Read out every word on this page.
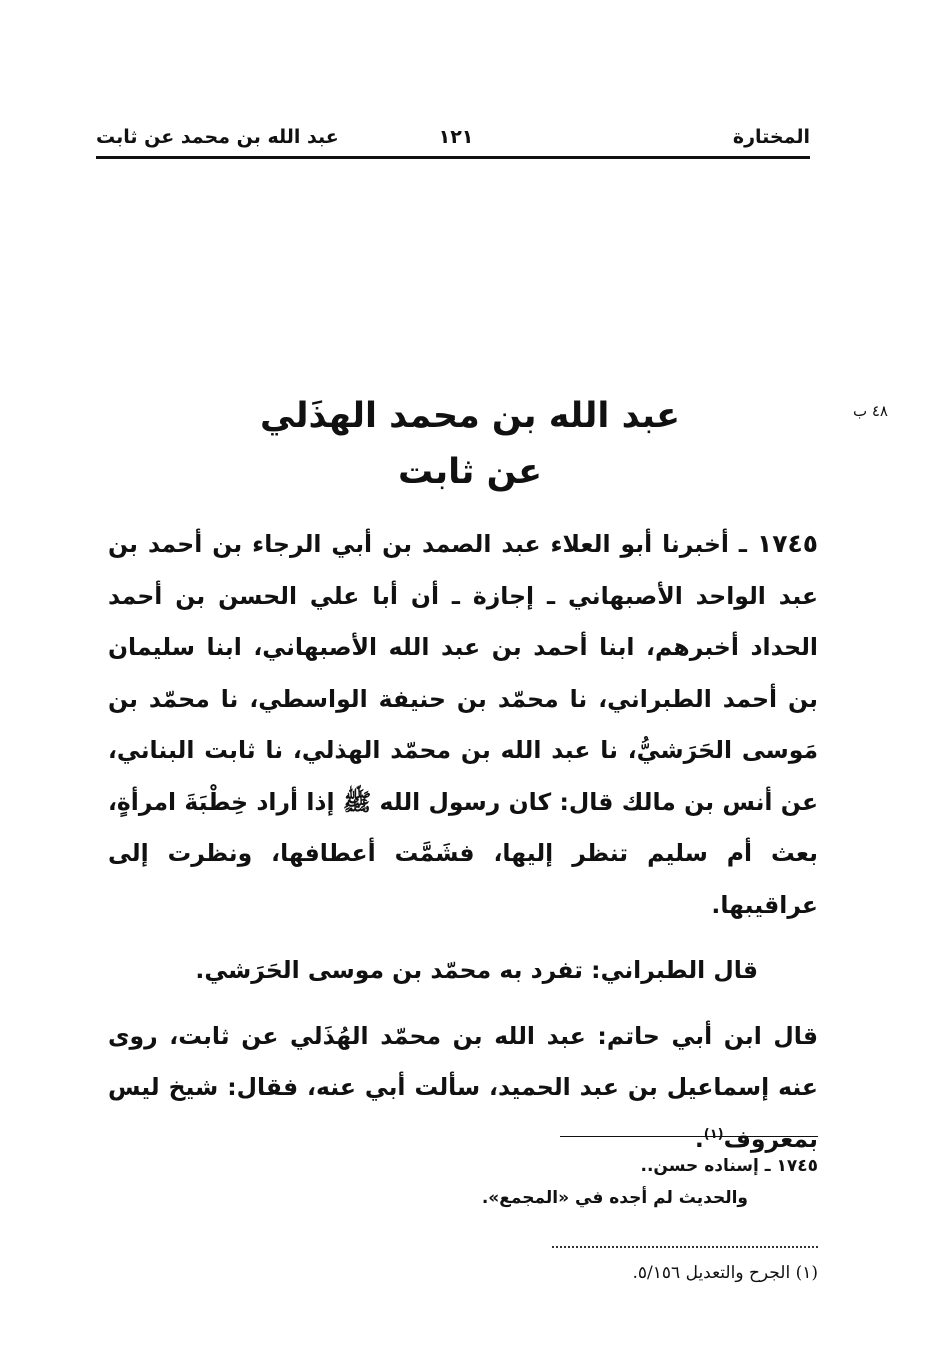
المختارة
١٢١
عبد الله بن محمد عن ثابت
٤٨ ب
عبد الله بن محمد الهذَلي
عن ثابت

١٧٤٥ ـ أخبرنا أبو العلاء عبد الصمد بن أبي الرجاء بن أحمد بن عبد الواحد الأصبهاني ـ إجازة ـ أن أبا علي الحسن بن أحمد الحداد أخبرهم، ابنا أحمد بن عبد الله الأصبهاني، ابنا سليمان بن أحمد الطبراني، نا محمّد بن حنيفة الواسطي، نا محمّد بن مَوسى الحَرَشيُّ، نا عبد الله بن محمّد الهذلي، نا ثابت البناني، عن أنس بن مالك قال: كان رسول الله ﷺ إذا أراد خِطْبَةَ امرأةٍ، بعث أم سليم تنظر إليها، فشَمَّت أعطافها، ونظرت إلى عراقيبها.

قال الطبراني: تفرد به محمّد بن موسى الحَرَشي.

قال ابن أبي حاتم: عبد الله بن محمّد الهُذَلي عن ثابت، روى عنه إسماعيل بن عبد الحميد، سألت أبي عنه، فقال: شيخ ليس بمعروف$^{(١)}$.

١٧٤٥ ـ إسناده حسن..

والحديث لم أجده في «المجمع».

(١) الجرح والتعديل ٥/١٥٦.
